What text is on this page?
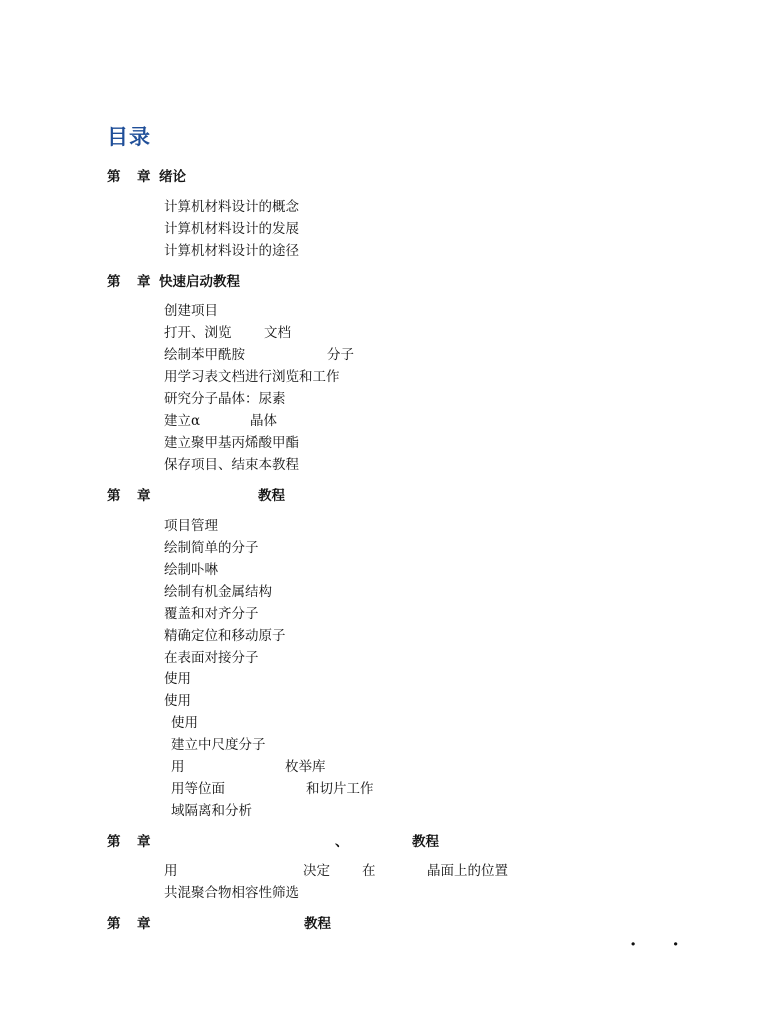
目录
第 章 绪论
计算机材料设计的概念
计算机材料设计的发展
计算机材料设计的途径
第 章 快速启动教程
创建项目
打开、浏览 文档
绘制苯甲酰胺	分子
用学习表文档进行浏览和工作
研究分子晶体：尿素
建立α	晶体
建立聚甲基丙烯酸甲酯
保存项目、结束本教程
第 章	教程
项目管理
绘制简单的分子
绘制卟啉
绘制有机金属结构
覆盖和对齐分子
精确定位和移动原子
在表面对接分子
使用
使用
使用
建立中尺度分子
用	枚举库
用等位面	和切片工作
域隔离和分析
第 章	、	教程
用	决定 在	晶面上的位置
共混聚合物相容性筛选
第 章	教程
· ·
